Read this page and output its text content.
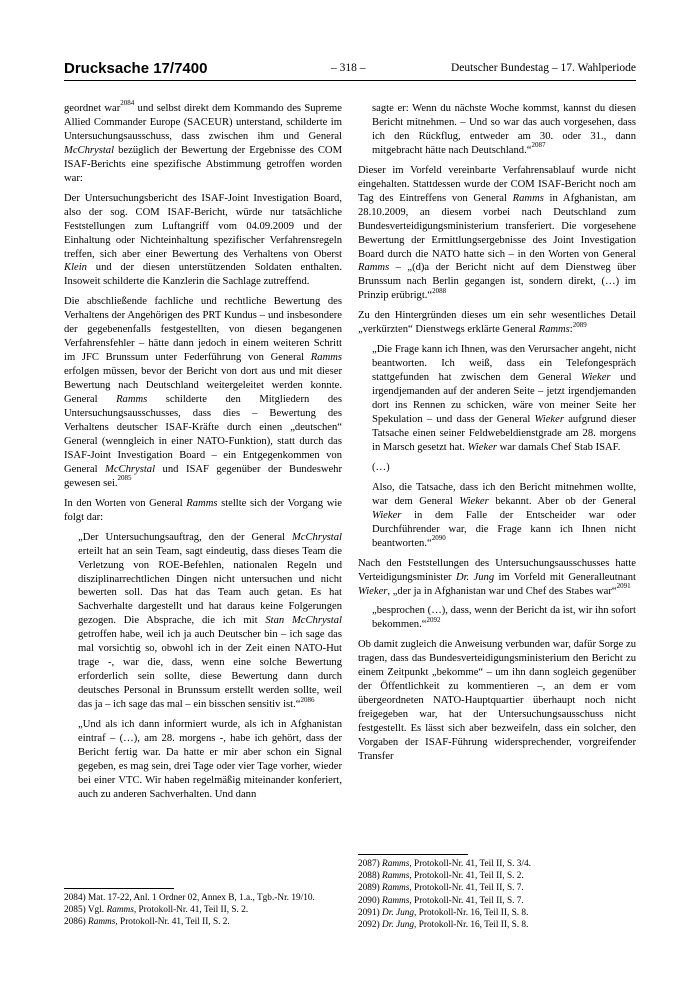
Drucksache 17/7400	– 318 –	Deutscher Bundestag – 17. Wahlperiode

geordnet war$^{2084}$ und selbst direkt dem Kommando des Supreme Allied Commander Europe (SACEUR) unterstand, schilderte im Untersuchungsausschuss, dass zwischen ihm und General McChrystal bezüglich der Bewertung der Ergebnisse des COM ISAF-Berichts eine spezifische Abstimmung getroffen worden war:

Der Untersuchungsbericht des ISAF-Joint Investigation Board, also der sog. COM ISAF-Bericht, würde nur tatsächliche Feststellungen zum Luftangriff vom 04.09.2009 und der Einhaltung oder Nichteinhaltung spezifischer Verfahrensregeln treffen, sich aber einer Bewertung des Verhaltens von Oberst Klein und der diesen unterstützenden Soldaten enthalten. Insoweit schilderte die Kanzlerin die Sachlage zutreffend.

Die abschließende fachliche und rechtliche Bewertung des Verhaltens der Angehörigen des PRT Kundus – und insbesondere der gegebenenfalls festgestellten, von diesen begangenen Verfahrensfehler – hätte dann jedoch in einem weiteren Schritt im JFC Brunssum unter Federführung von General Ramms erfolgen müssen, bevor der Bericht von dort aus und mit dieser Bewertung nach Deutschland weitergeleitet werden konnte. General Ramms schilderte den Mitgliedern des Untersuchungsausschusses, dass dies – Bewertung des Verhaltens deutscher ISAF-Kräfte durch einen „deutschen“ General (wenngleich in einer NATO-Funktion), statt durch das ISAF-Joint Investigation Board – ein Entgegenkommen von General McChrystal und ISAF gegenüber der Bundeswehr gewesen sei.$^{2085}$

In den Worten von General Ramms stellte sich der Vorgang wie folgt dar:

„Der Untersuchungsauftrag, den der General McChrystal erteilt hat an sein Team, sagt eindeutig, dass dieses Team die Verletzung von ROE-Befehlen, nationalen Regeln und disziplinarrechtlichen Dingen nicht untersuchen und nicht bewerten soll. Das hat das Team auch getan. Es hat Sachverhalte dargestellt und hat daraus keine Folgerungen gezogen. Die Absprache, die ich mit Stan McChrystal getroffen habe, weil ich ja auch Deutscher bin – ich sage das mal vorsichtig so, obwohl ich in der Zeit einen NATO-Hut trage -, war die, dass, wenn eine solche Bewertung erforderlich sein sollte, diese Bewertung dann durch deutsches Personal in Brunssum erstellt werden sollte, weil das ja – ich sage das mal – ein bisschen sensitiv ist.“$^{2086}$

„Und als ich dann informiert wurde, als ich in Afghanistan eintraf – (…), am 28. morgens -, habe ich gehört, dass der Bericht fertig war. Da hatte er mir aber schon ein Signal gegeben, es mag sein, drei Tage oder vier Tage vorher, wieder bei einer VTC. Wir haben regelmäßig miteinander konferiert, auch zu anderen Sachverhalten. Und dann

sagte er: Wenn du nächste Woche kommst, kannst du diesen Bericht mitnehmen. – Und so war das auch vorgesehen, dass ich den Rückflug, entweder am 30. oder 31., dann mitgebracht hätte nach Deutschland.“$^{2087}$

Dieser im Vorfeld vereinbarte Verfahrensablauf wurde nicht eingehalten. Stattdessen wurde der COM ISAF-Bericht noch am Tag des Eintreffens von General Ramms in Afghanistan, am 28.10.2009, an diesem vorbei nach Deutschland zum Bundesverteidigungsministerium transferiert. Die vorgesehene Bewertung der Ermittlungsergebnisse des Joint Investigation Board durch die NATO hatte sich – in den Worten von General Ramms – „(d)a der Bericht nicht auf dem Dienstweg über Brunssum nach Berlin gegangen ist, sondern direkt, (…) im Prinzip erübrigt.“$^{2088}$

Zu den Hintergründen dieses um ein sehr wesentliches Detail „verkürzten“ Dienstwegs erklärte General Ramms:$^{2089}$

„Die Frage kann ich Ihnen, was den Verursacher angeht, nicht beantworten. Ich weiß, dass ein Telefongespräch stattgefunden hat zwischen dem General Wieker und irgendjemanden auf der anderen Seite – jetzt irgendjemanden dort ins Rennen zu schicken, wäre von meiner Seite her Spekulation – und dass der General Wieker aufgrund dieser Tatsache einen seiner Feldwebeldienstgrade am 28. morgens in Marsch gesetzt hat. Wieker war damals Chef Stab ISAF.

(…)

Also, die Tatsache, dass ich den Bericht mitnehmen wollte, war dem General Wieker bekannt. Aber ob der General Wieker in dem Falle der Entscheider war oder Durchführender war, die Frage kann ich Ihnen nicht beantworten.“$^{2090}$

Nach den Feststellungen des Untersuchungsausschusses hatte Verteidigungsminister Dr. Jung im Vorfeld mit Generalleutnant Wieker, „der ja in Afghanistan war und Chef des Stabes war“$^{2091}$

„besprochen (…), dass, wenn der Bericht da ist, wir ihn sofort bekommen.“$^{2092}$

Ob damit zugleich die Anweisung verbunden war, dafür Sorge zu tragen, dass das Bundesverteidigungsministerium den Bericht zu einem Zeitpunkt „bekomme“ – um ihn dann sogleich gegenüber der Öffentlichkeit zu kommentieren –, an dem er vom übergeordneten NATO-Hauptquartier überhaupt noch nicht freigegeben war, hat der Untersuchungsausschuss nicht festgestellt. Es lässt sich aber bezweifeln, dass ein solcher, den Vorgaben der ISAF-Führung widersprechender, vorgreifender Transfer

2084) Mat. 17-22, Anl. 1 Ordner 02, Annex B, 1.a., Tgb.-Nr. 19/10.

2085) Vgl. Ramms, Protokoll-Nr. 41, Teil II, S. 2.

2086) Ramms, Protokoll-Nr. 41, Teil II, S. 2.

2087) Ramms, Protokoll-Nr. 41, Teil II, S. 3/4.

2088) Ramms, Protokoll-Nr. 41, Teil II, S. 2.

2089) Ramms, Protokoll-Nr. 41, Teil II, S. 7.

2090) Ramms, Protokoll-Nr. 41, Teil II, S. 7.

2091) Dr. Jung, Protokoll-Nr. 16, Teil II, S. 8.

2092) Dr. Jung, Protokoll-Nr. 16, Teil II, S. 8.
